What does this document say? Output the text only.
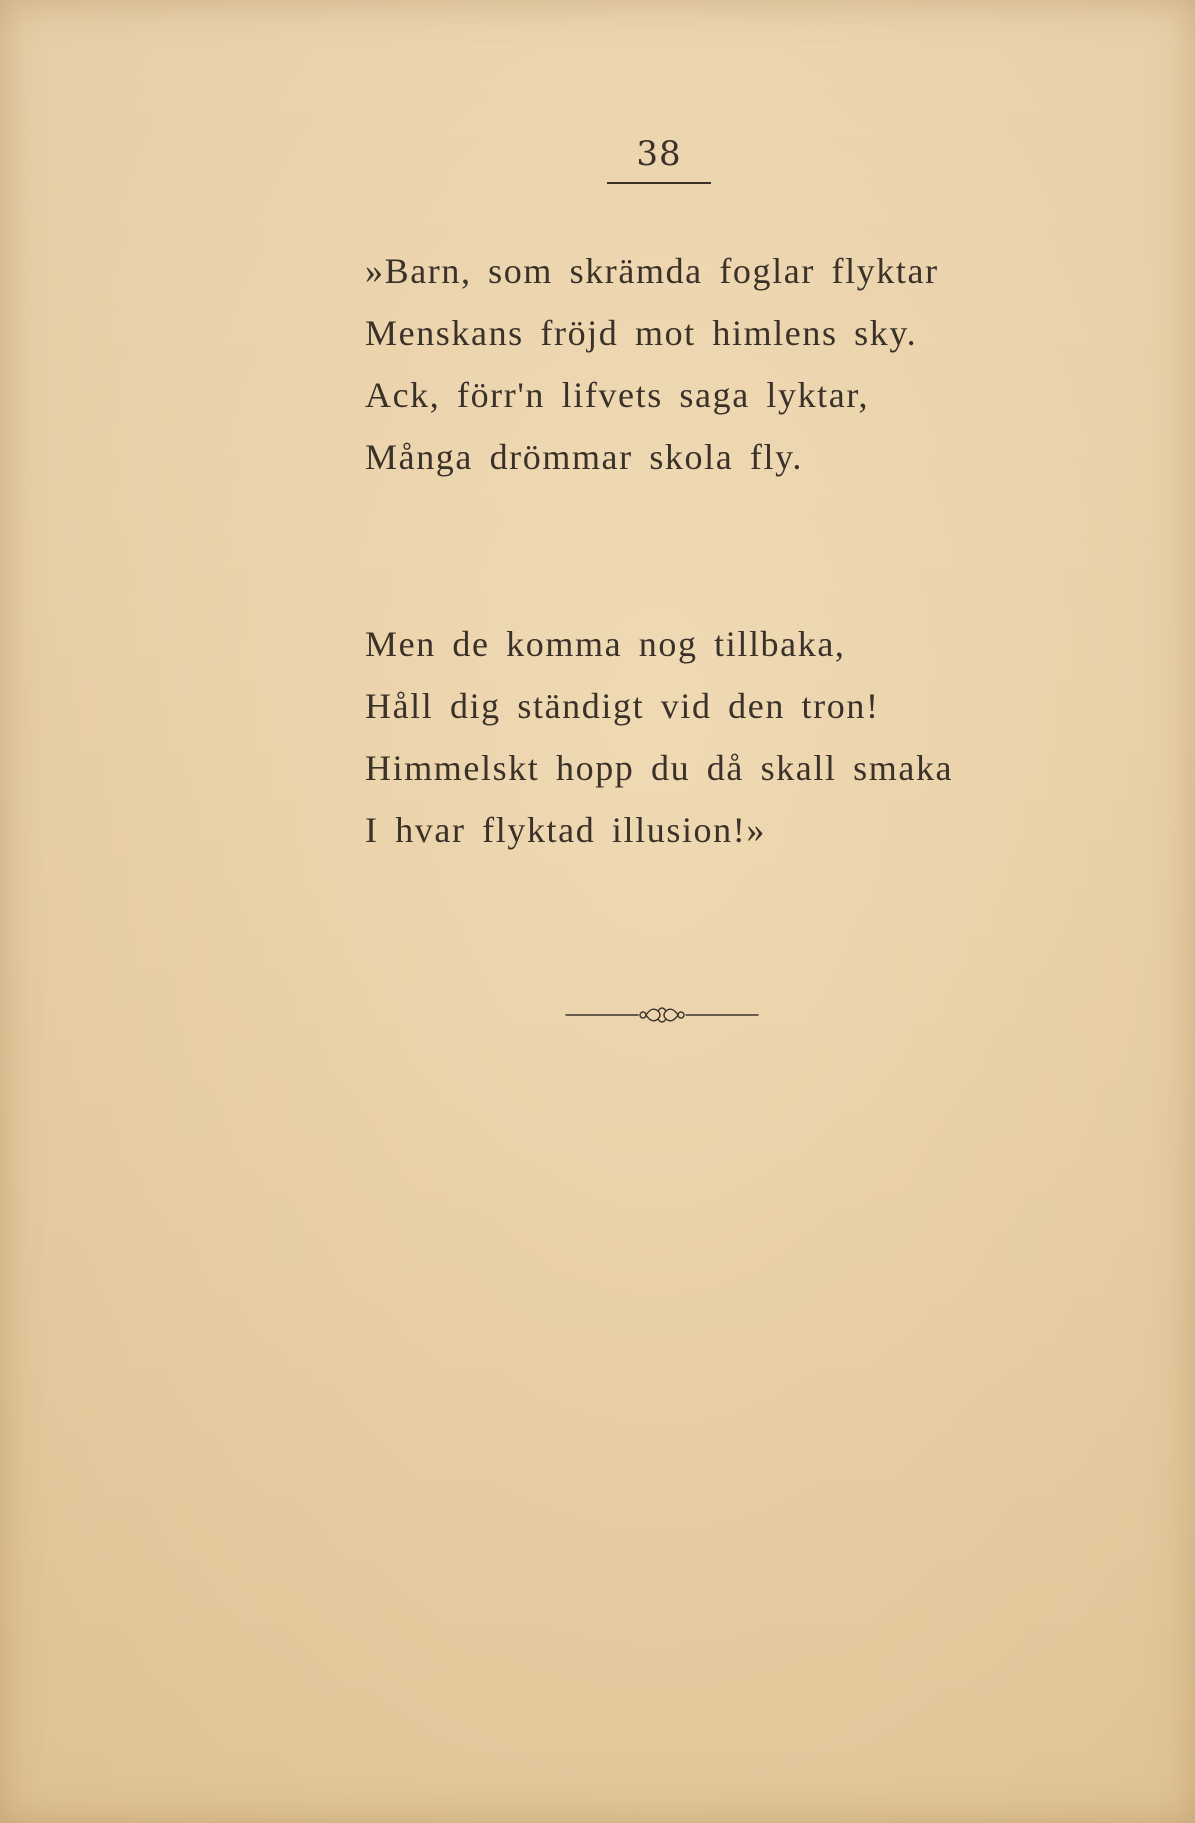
38
»Barn, som skrämda foglar flyktar
Menskans fröjd mot himlens sky.
Ack, förr'n lifvets saga lyktar,
Många drömmar skola fly.
Men de komma nog tillbaka,
Håll dig ständigt vid den tron!
Himmelskt hopp du då skall smaka
I hvar flyktad illusion!»
